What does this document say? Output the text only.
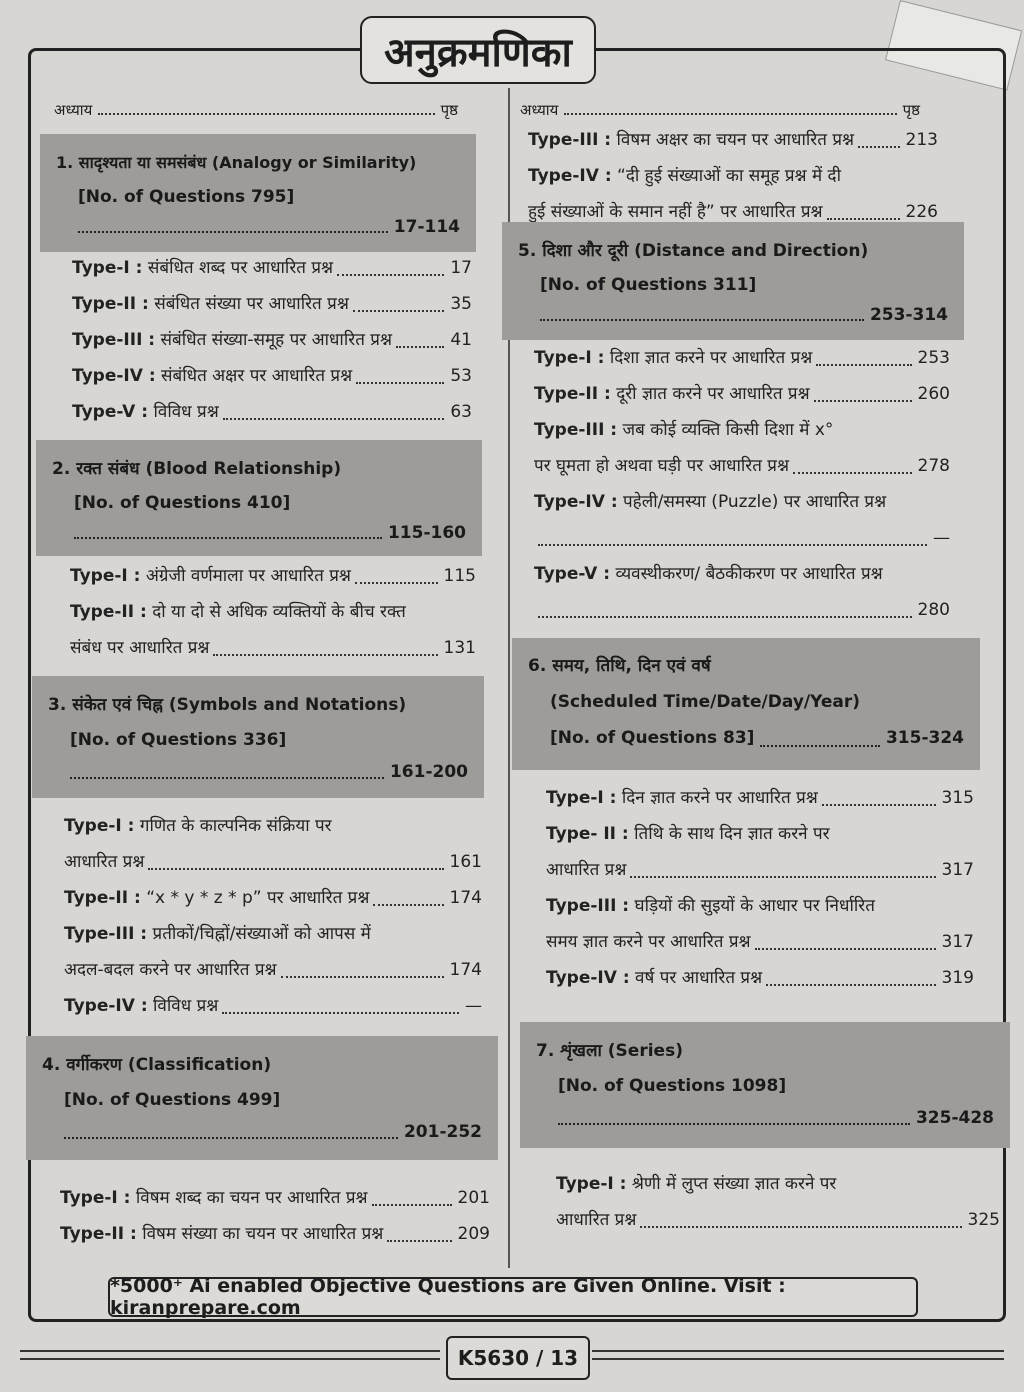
अनुक्रमणिका
अध्याय	पृष्ठ	अध्याय	पृष्ठ
1. सादृश्यता या समसंबंध (Analogy or Similarity)
[No. of Questions 795]
17-114
Type-I :
संबंधित शब्द पर आधारित प्रश्न	17
Type-II :
संबंधित संख्या पर आधारित प्रश्न	35
Type-III :
संबंधित संख्या-समूह पर आधारित प्रश्न	41
Type-IV :
संबंधित अक्षर पर आधारित प्रश्न	53
Type-V :
विविध प्रश्न	63
2. रक्त संबंध (Blood Relationship)
[No. of Questions 410]
115-160
Type-I :
अंग्रेजी वर्णमाला पर आधारित प्रश्न	115
Type-II : दो या दो से अधिक व्यक्तियों के बीच रक्त
संबंध पर आधारित प्रश्न	131
3. संकेत एवं चिह्न (Symbols and Notations)
[No. of Questions 336]
161-200
Type-I : गणित के काल्पनिक संक्रिया पर
आधारित प्रश्न	161
Type-II :
“x * y * z * p” पर आधारित प्रश्न	174
Type-III : प्रतीकों/चिह्नों/संख्याओं को आपस में
अदल-बदल करने पर आधारित प्रश्न	174
Type-IV :
विविध प्रश्न	—
4. वर्गीकरण (Classification)
[No. of Questions 499]
201-252
Type-I :
विषम शब्द का चयन पर आधारित प्रश्न	201
Type-II :
विषम संख्या का चयन पर आधारित प्रश्न	209
Type-III :
विषम अक्षर का चयन पर आधारित प्रश्न	213
Type-IV : “दी हुई संख्याओं का समूह प्रश्न में दी
हुई संख्याओं के समान नहीं है” पर आधारित प्रश्न	226
5. दिशा और दूरी (Distance and Direction)
[No. of Questions 311]
253-314
Type-I :
दिशा ज्ञात करने पर आधारित प्रश्न	253
Type-II :
दूरी ज्ञात करने पर आधारित प्रश्न	260
Type-III : जब कोई व्यक्ति किसी दिशा में x°
पर घूमता हो अथवा घड़ी पर आधारित प्रश्न	278
Type-IV : पहेली/समस्या (Puzzle) पर आधारित प्रश्न
—
Type-V : व्यवस्थीकरण/ बैठकीकरण पर आधारित प्रश्न
280
6. समय, तिथि, दिन एवं वर्ष
(Scheduled Time/Date/Day/Year)
[No. of Questions 83]	315-324
Type-I :
दिन ज्ञात करने पर आधारित प्रश्न	315
Type- II : तिथि के साथ दिन ज्ञात करने पर
आधारित प्रश्न	317
Type-III : घड़ियों की सुइयों के आधार पर निर्धारित
समय ज्ञात करने पर आधारित प्रश्न	317
Type-IV :
वर्ष पर आधारित प्रश्न	319
7. शृंखला (Series)
[No. of Questions 1098]
325-428
Type-I : श्रेणी में लुप्त संख्या ज्ञात करने पर
आधारित प्रश्न	325
*5000⁺ Ai enabled Objective Questions are Given Online. Visit : kiranprepare.com
K5630 / 13
